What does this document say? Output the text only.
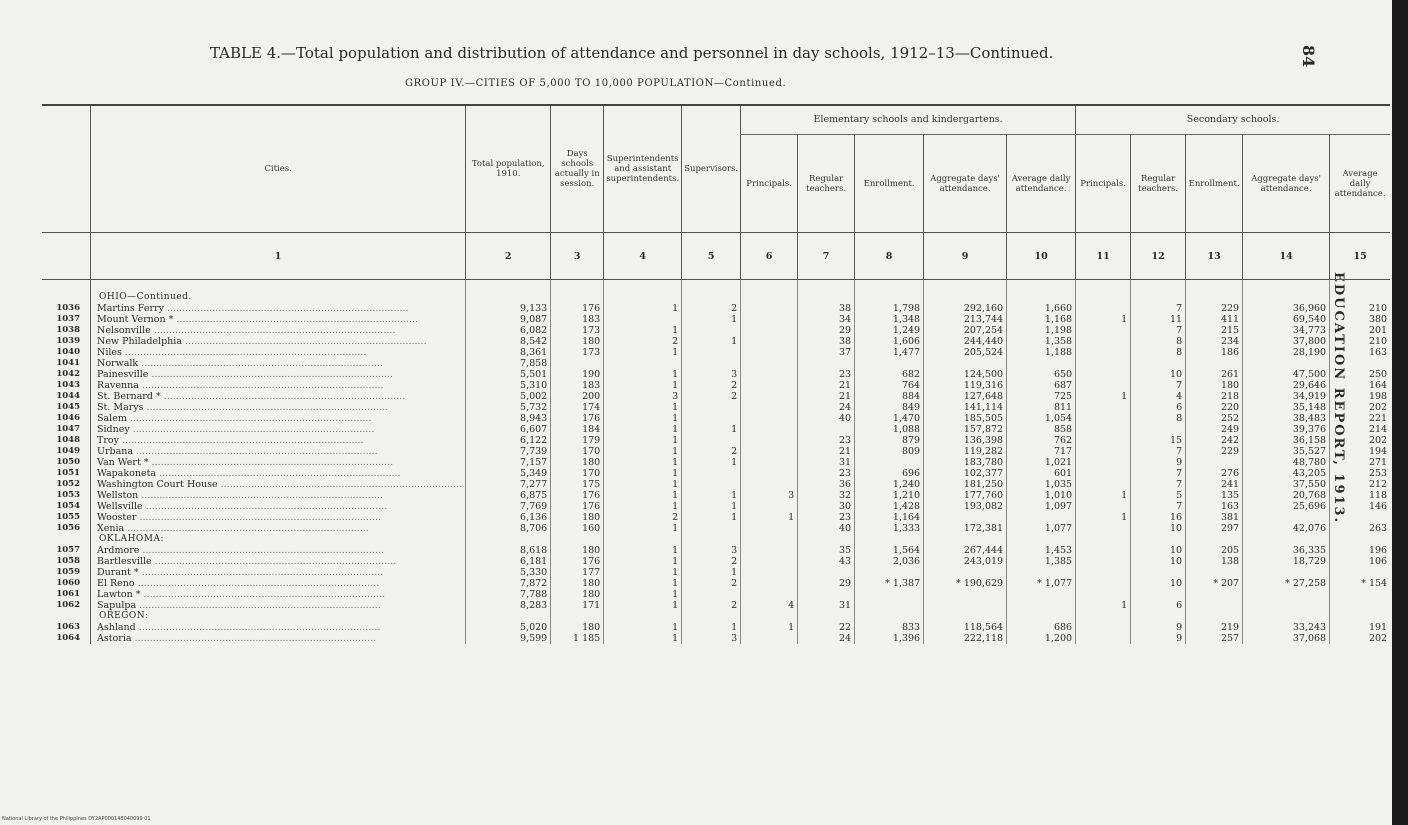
TABLE 4.—Total population and distribution of attendance and personnel in day schools, 1912–13—Continued.
GROUP IV.—CITIES OF 5,000 TO 10,000 POPULATION—Continued.
84
EDUCATION REPORT, 1913.
	Cities.	Total population, 1910.	Days schools actually in session.	Superintendents and assistant superintendents.	Supervisors.	Elementary schools and kindergartens.					Secondary schools.				
						Principals.	Regular teachers.	Enrollment.	Aggregate days' attendance.	Average daily attendance.	Principals.	Regular teachers.	Enrollment.	Aggregate days' attendance.	Average daily attendance.
	1	2	3	4	5	6	7	8	9	10	11	12	13	14	15

	OHIO—Continued.														
1036	Martins Ferry ................................................................................	9,133	176	1	2		38	1,798	292,160	1,660		7	229	36,960	210
1037	Mount Vernon * ................................................................................	9,087	183		1		34	1,348	213,744	1,168	1	11	411	69,540	380
1038	Nelsonville ................................................................................	6,082	173	1			29	1,249	207,254	1,198		7	215	34,773	201
1039	New Philadelphia ................................................................................	8,542	180	2	1		38	1,606	244,440	1,358		8	234	37,800	210
1040	Niles ................................................................................	8,361	173	1			37	1,477	205,524	1,188		8	186	28,190	163
1041	Norwalk ................................................................................	7,858													
1042	Painesville ................................................................................	5,501	190	1	3		23	682	124,500	650		10	261	47,500	250
1043	Ravenna ................................................................................	5,310	183	1	2		21	764	119,316	687		7	180	29,646	164
1044	St. Bernard * ................................................................................	5,002	200	3	2		21	884	127,648	725	1	4	218	34,919	198
1045	St. Marys ................................................................................	5,732	174	1			24	849	141,114	811		6	220	35,148	202
1046	Salem ................................................................................	8,943	176	1			40	1,470	185,505	1,054		8	252	38,483	221
1047	Sidney ................................................................................	6,607	184	1	1			1,088	157,872	858			249	39,376	214
1048	Troy ................................................................................	6,122	179	1			23	879	136,398	762		15	242	36,158	202
1049	Urbana ................................................................................	7,739	170	1	2		21	809	119,282	717		7	229	35,527	194
1050	Van Wert * ................................................................................	7,157	180	1	1		31		183,780	1,021		9		48,780	271
1051	Wapakoneta ................................................................................	5,349	170	1			23	696	102,377	601		7	276	43,205	253
1052	Washington Court House ................................................................................	7,277	175	1			36	1,240	181,250	1,035		7	241	37,550	212
1053	Wellston ................................................................................	6,875	176	1	1	3	32	1,210	177,760	1,010	1	5	135	20,768	118
1054	Wellsville ................................................................................	7,769	176	1	1		30	1,428	193,082	1,097		7	163	25,696	146
1055	Wooster ................................................................................	6,136	180	2	1	1	23	1,164			1	16	381		
1056	Xenia ................................................................................	8,706	160	1			40	1,333	172,381	1,077		10	297	42,076	263
	OKLAHOMA:														
1057	Ardmore ................................................................................	8,618	180	1	3		35	1,564	267,444	1,453		10	205	36,335	196
1058	Bartlesville ................................................................................	6,181	176	1	2		43	2,036	243,019	1,385		10	138	18,729	106
1059	Durant * ................................................................................	5,330	177	1	1										
1060	El Reno ................................................................................	7,872	180	1	2		29	* 1,387	* 190,629	* 1,077		10	* 207	* 27,258	* 154
1061	Lawton * ................................................................................	7,788	180	1											
1062	Sapulpa ................................................................................	8,283	171	1	2	4	31				1	6			
	OREGON:														
1063	Ashland ................................................................................	5,020	180	1	1	1	22	833	118,564	686		9	219	33,243	191
1064	Astoria ................................................................................	9,599	1 185	1	3		24	1,396	222,118	1,200		9	257	37,068	202
National Library of the Philippines DY2AP000148040099 01
